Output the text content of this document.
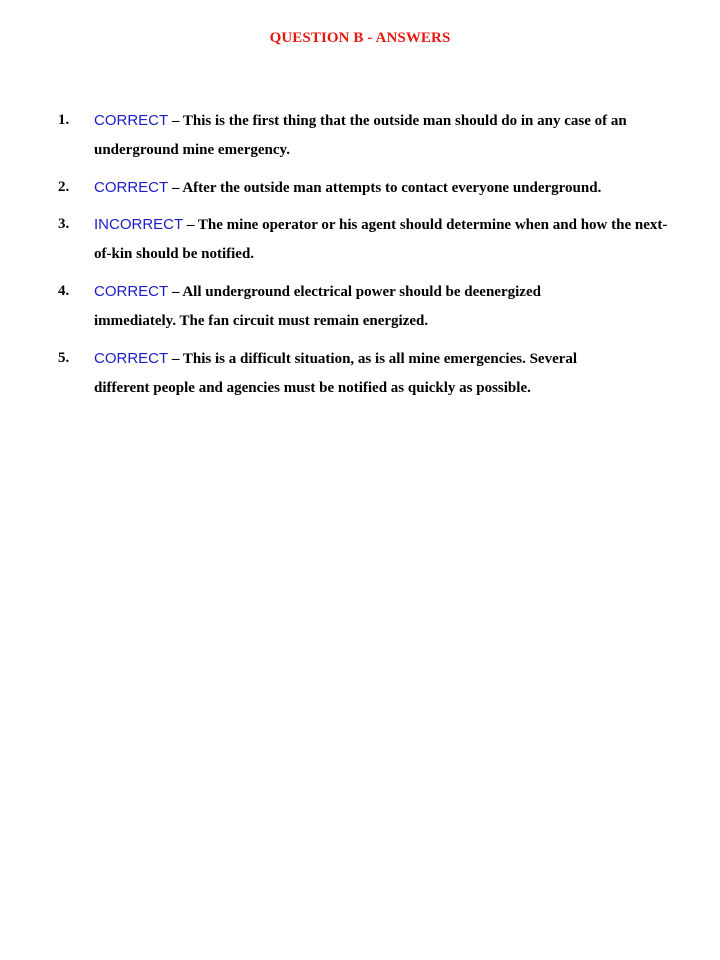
QUESTION B - ANSWERS
1.	CORRECT – This is the first thing that the outside man should do in any case of an underground mine emergency.
2.	CORRECT – After the outside man attempts to contact everyone underground.
3.	INCORRECT – The mine operator or his agent should determine when and how the next-of-kin should be notified.
4.	CORRECT – All underground electrical power should be deenergized immediately. The fan circuit must remain energized.
5.	CORRECT – This is a difficult situation, as is all mine emergencies. Several different people and agencies must be notified as quickly as possible.
